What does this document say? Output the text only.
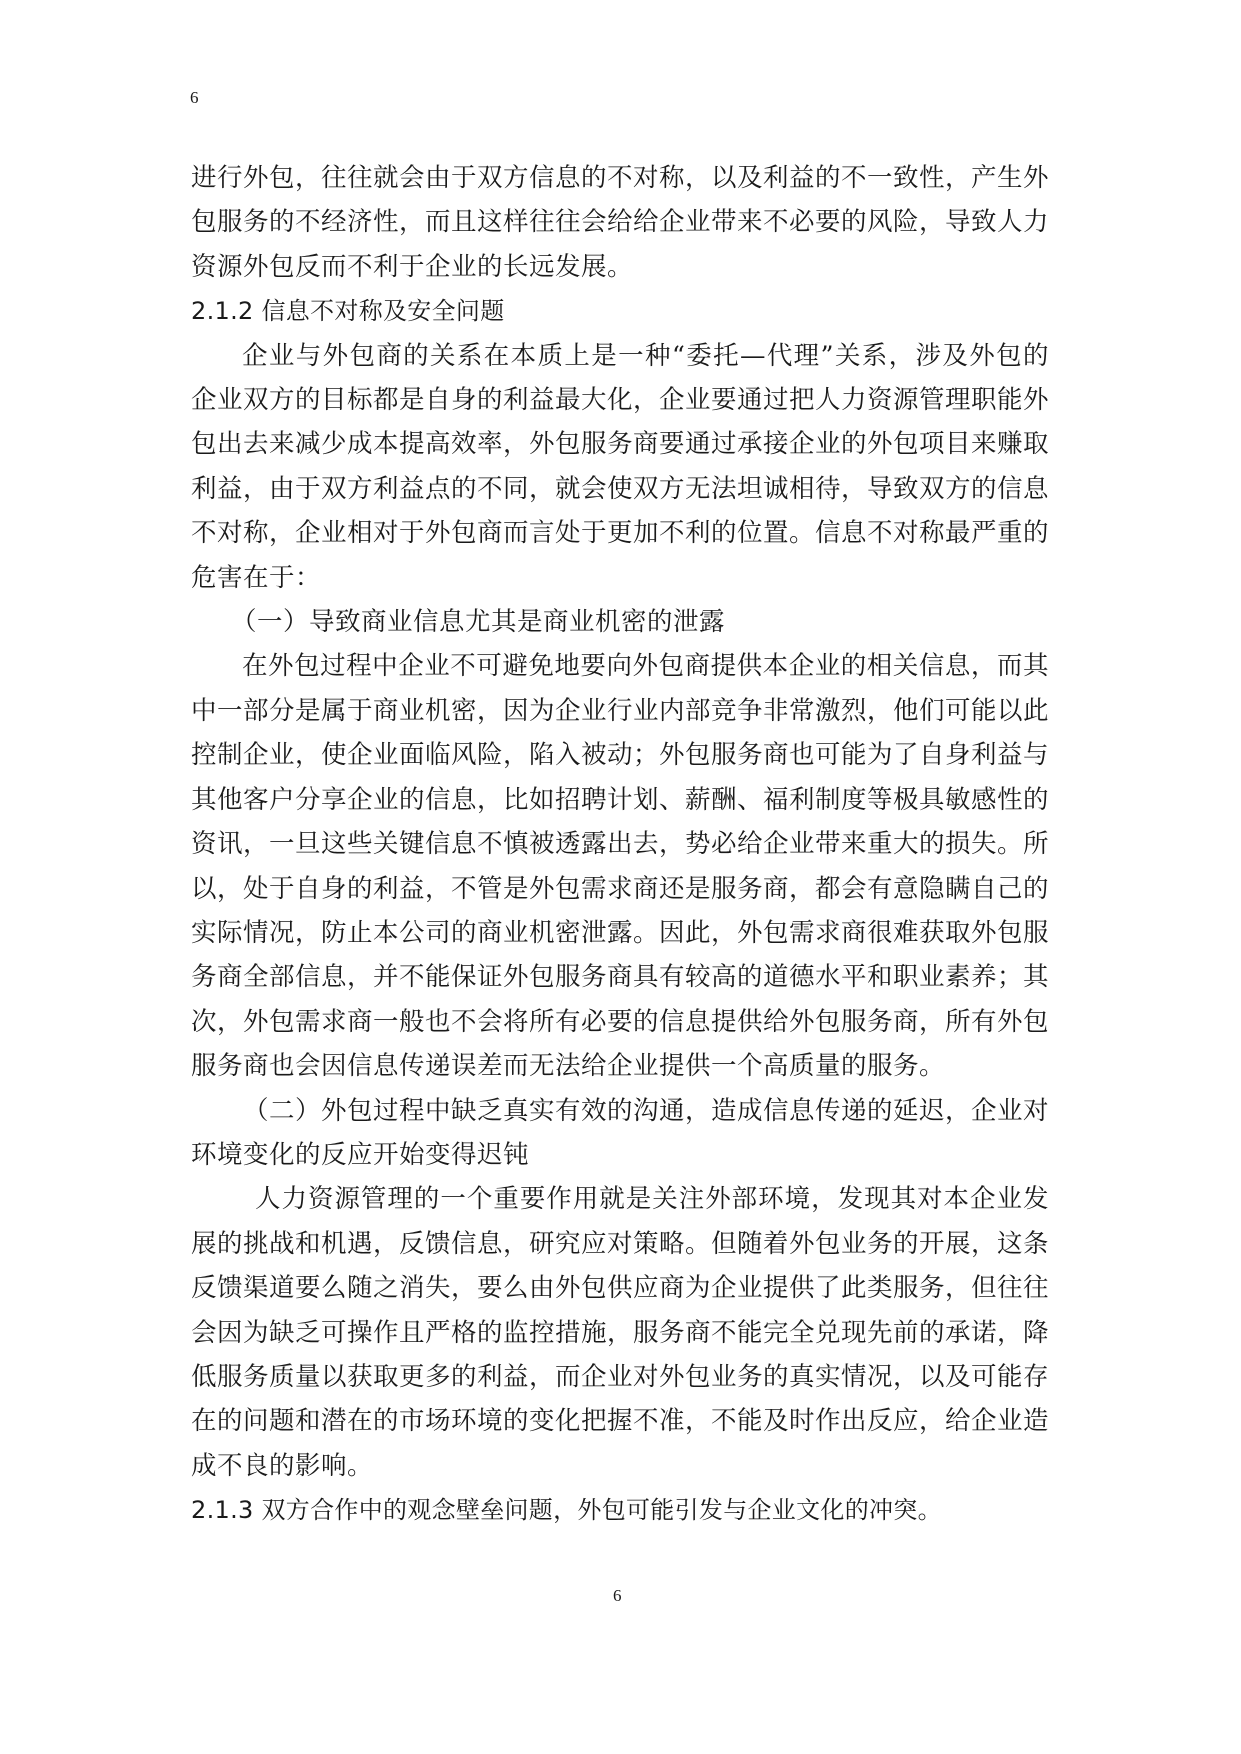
6

进行外包，往往就会由于双方信息的不对称，以及利益的不一致性，产生外包服务的不经济性，而且这样往往会给给企业带来不必要的风险，导致人力资源外包反而不利于企业的长远发展。

2.1.2 信息不对称及安全问题

企业与外包商的关系在本质上是一种“委托—代理”关系，涉及外包的企业双方的目标都是自身的利益最大化，企业要通过把人力资源管理职能外包出去来减少成本提高效率，外包服务商要通过承接企业的外包项目来赚取利益，由于双方利益点的不同，就会使双方无法坦诚相待，导致双方的信息不对称，企业相对于外包商而言处于更加不利的位置。信息不对称最严重的危害在于：

（一）导致商业信息尤其是商业机密的泄露

在外包过程中企业不可避免地要向外包商提供本企业的相关信息，而其中一部分是属于商业机密，因为企业行业内部竞争非常激烈，他们可能以此控制企业，使企业面临风险，陷入被动；外包服务商也可能为了自身利益与其他客户分享企业的信息，比如招聘计划、薪酬、福利制度等极具敏感性的资讯，一旦这些关键信息不慎被透露出去，势必给企业带来重大的损失。所以，处于自身的利益，不管是外包需求商还是服务商，都会有意隐瞒自己的实际情况，防止本公司的商业机密泄露。因此，外包需求商很难获取外包服务商全部信息，并不能保证外包服务商具有较高的道德水平和职业素养；其次，外包需求商一般也不会将所有必要的信息提供给外包服务商，所有外包服务商也会因信息传递误差而无法给企业提供一个高质量的服务。

（二）外包过程中缺乏真实有效的沟通，造成信息传递的延迟，企业对环境变化的反应开始变得迟钝

人力资源管理的一个重要作用就是关注外部环境，发现其对本企业发展的挑战和机遇，反馈信息，研究应对策略。但随着外包业务的开展，这条反馈渠道要么随之消失，要么由外包供应商为企业提供了此类服务，但往往会因为缺乏可操作且严格的监控措施，服务商不能完全兑现先前的承诺，降低服务质量以获取更多的利益，而企业对外包业务的真实情况，以及可能存在的问题和潜在的市场环境的变化把握不准，不能及时作出反应，给企业造成不良的影响。

2.1.3 双方合作中的观念壁垒问题，外包可能引发与企业文化的冲突。

6
